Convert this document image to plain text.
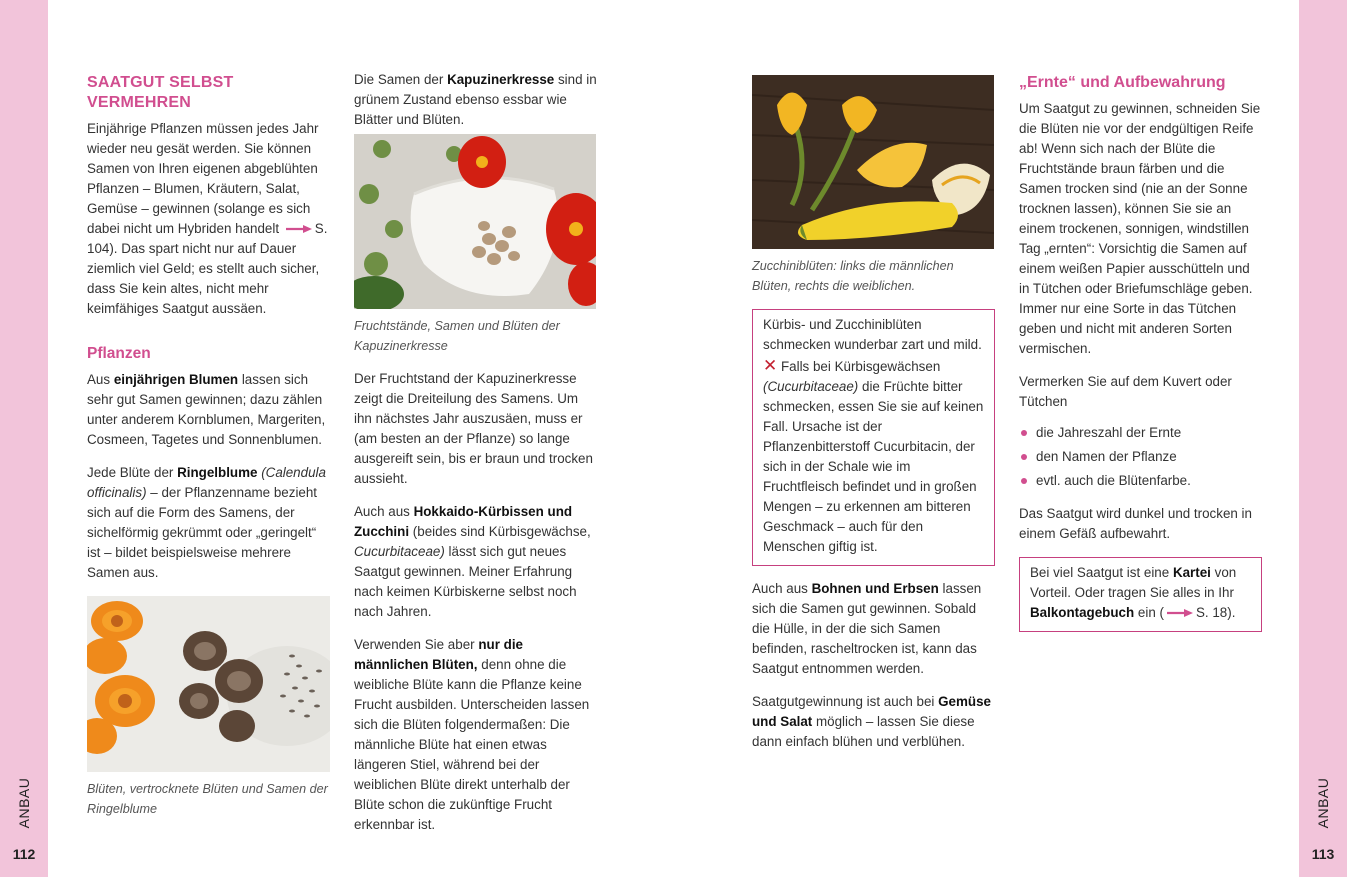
ANBAU
112
ANBAU
113
SAATGUT SELBST VERMEHREN

Einjährige Pflanzen müssen jedes Jahr wieder neu gesät werden. Sie können Samen von Ihren eigenen abgeblühten Pflanzen – Blumen, Kräutern, Salat, Gemüse – gewinnen (solange es sich dabei nicht um Hybriden handelt	S. 104). Das spart nicht nur auf Dauer ziemlich viel Geld; es stellt auch sicher, dass Sie kein altes, nicht mehr keimfähiges Saatgut aussäen.

Pflanzen

Aus einjährigen Blumen lassen sich sehr gut Samen gewinnen; dazu zählen unter anderem Kornblumen, Margeriten, Cosmeen, Tagetes und Sonnenblumen.

Jede Blüte der Ringelblume (Calendula officinalis) – der Pflanzenname bezieht sich auf die Form des Samens, der sichelförmig gekrümmt oder „geringelt“ ist – bildet beispielsweise mehrere Samen aus.

Blüten, vertrocknete Blüten und Samen der Ringelblume

Die Samen der Kapuzinerkresse sind in grünem Zustand ebenso essbar wie Blätter und Blüten.

Fruchtstände, Samen und Blüten der Kapuzinerkresse

Der Fruchtstand der Kapuzinerkresse zeigt die Dreiteilung des Samens. Um ihn nächstes Jahr auszusäen, muss er (am besten an der Pflanze) so lange ausgereift sein, bis er braun und trocken aussieht.

Auch aus Hokkaido-Kürbissen und Zucchini (beides sind Kürbisgewächse, Cucurbitaceae) lässt sich gut neues Saatgut gewinnen. Meiner Erfahrung nach keimen Kürbiskerne selbst noch nach Jahren.

Verwenden Sie aber nur die männlichen Blüten, denn ohne die weibliche Blüte kann die Pflanze keine Frucht ausbilden. Unterscheiden lassen sich die Blüten folgendermaßen: Die männliche Blüte hat einen etwas längeren Stiel, während bei der weiblichen Blüte direkt unterhalb der Blüte schon die zukünftige Frucht erkennbar ist.

Zucchiniblüten: links die männlichen Blüten, rechts die weiblichen.

Kürbis- und Zucchiniblüten schmecken wunderbar zart und mild.

✕ Falls bei Kürbisgewächsen (Cucurbitaceae) die Früchte bitter schmecken, essen Sie sie auf keinen Fall. Ursache ist der Pflanzenbitterstoff Cucurbitacin, der sich in der Schale wie im Fruchtfleisch befindet und in großen Mengen – zu erkennen am bitteren Geschmack – auch für den Menschen giftig ist.

Auch aus Bohnen und Erbsen lassen sich die Samen gut gewinnen. Sobald die Hülle, in der die sich Samen befinden, rascheltrocken ist, kann das Saatgut entnommen werden.

Saatgutgewinnung ist auch bei Gemüse und Salat möglich – lassen Sie diese dann einfach blühen und verblühen.

„Ernte“ und Aufbewahrung

Um Saatgut zu gewinnen, schneiden Sie die Blüten nie vor der endgültigen Reife ab! Wenn sich nach der Blüte die Fruchtstände braun färben und die Samen trocken sind (nie an der Sonne trocknen lassen), können Sie sie an einem trockenen, sonnigen, windstillen Tag „ernten“: Vorsichtig die Samen auf einem weißen Papier ausschütteln und in Tütchen oder Briefumschläge geben. Immer nur eine Sorte in das Tütchen geben und nicht mit anderen Sorten vermischen.

Vermerken Sie auf dem Kuvert oder Tütchen

die Jahreszahl der Ernte
den Namen der Pflanze
evtl. auch die Blütenfarbe.

Das Saatgut wird dunkel und trocken in einem Gefäß aufbewahrt.

Bei viel Saatgut ist eine Kartei von Vorteil. Oder tragen Sie alles in Ihr Balkontagebuch ein ( S. 18).
